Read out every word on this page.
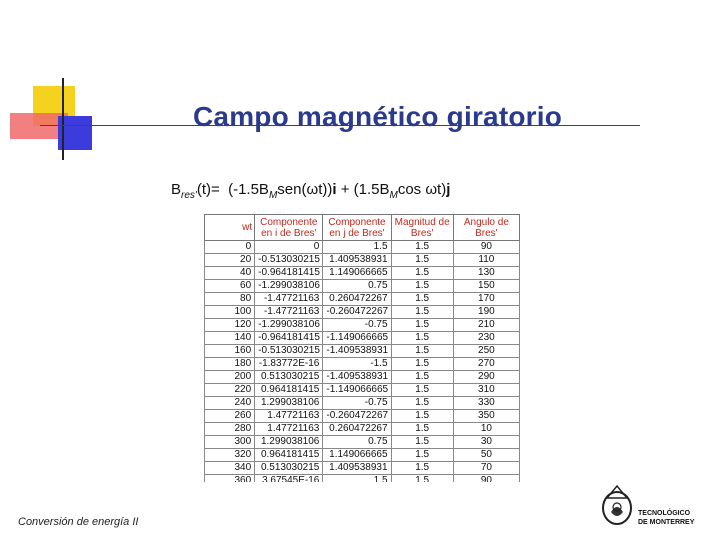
Campo magnético giratorio
$B_{res'}(t)= (-1.5B_Msen(\omega t))i + (1.5B_M\cos$ ωt)j
wt	Componente en i de Bres'	Componente en j de Bres'	Magnitud de Bres'	Angulo de Bres'
0	0	1.5	1.5	90
20	-0.513030215	1.409538931	1.5	110
40	-0.964181415	1.149066665	1.5	130
60	-1.299038106	0.75	1.5	150
80	-1.47721163	0.260472267	1.5	170
100	-1.47721163	-0.260472267	1.5	190
120	-1.299038106	-0.75	1.5	210
140	-0.964181415	-1.149066665	1.5	230
160	-0.513030215	-1.409538931	1.5	250
180	-1.83772E-16	-1.5	1.5	270
200	0.513030215	-1.409538931	1.5	290
220	0.964181415	-1.149066665	1.5	310
240	1.299038106	-0.75	1.5	330
260	1.47721163	-0.260472267	1.5	350
280	1.47721163	0.260472267	1.5	10
300	1.299038106	0.75	1.5	30
320	0.964181415	1.149066665	1.5	50
340	0.513030215	1.409538931	1.5	70
360	3.67545E-16	1.5	1.5	90
Conversión de energía II
TECNOLÓGICO
DE MONTERREY
